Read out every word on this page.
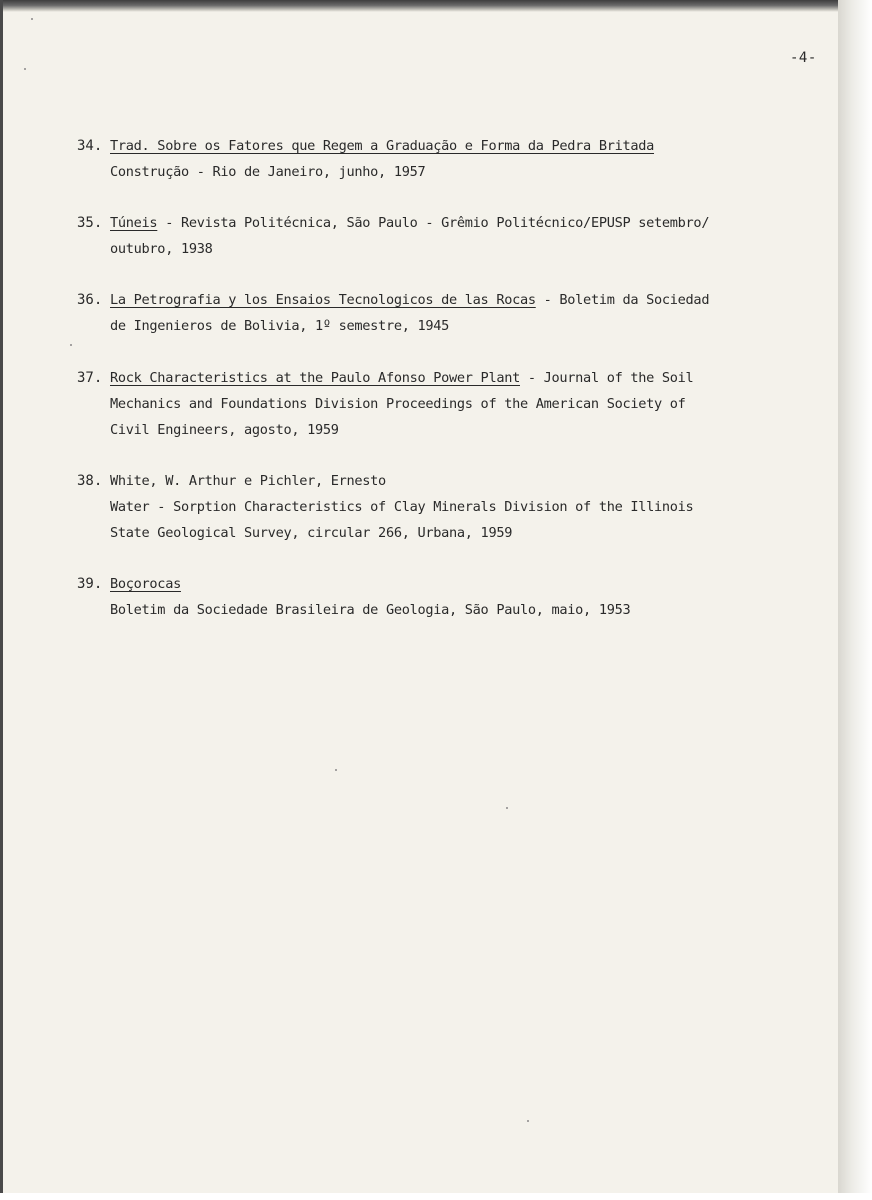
-4-
34. Trad. Sobre os Fatores que Regem a Graduação e Forma da Pedra Britada
Construção - Rio de Janeiro, junho, 1957
35. Túneis - Revista Politécnica, São Paulo - Grêmio Politécnico/EPUSP setembro/
outubro, 1938
36. La Petrografia y los Ensaios Tecnologicos de las Rocas - Boletim da Sociedad
de Ingenieros de Bolivia, 1º semestre, 1945
37. Rock Characteristics at the Paulo Afonso Power Plant - Journal of the Soil
Mechanics and Foundations Division Proceedings of the American Society of
Civil Engineers, agosto, 1959
38. White, W. Arthur e Pichler, Ernesto
Water - Sorption Characteristics of Clay Minerals Division of the Illinois
State Geological Survey, circular 266, Urbana, 1959
39. Boçorocas
Boletim da Sociedade Brasileira de Geologia, São Paulo, maio, 1953
